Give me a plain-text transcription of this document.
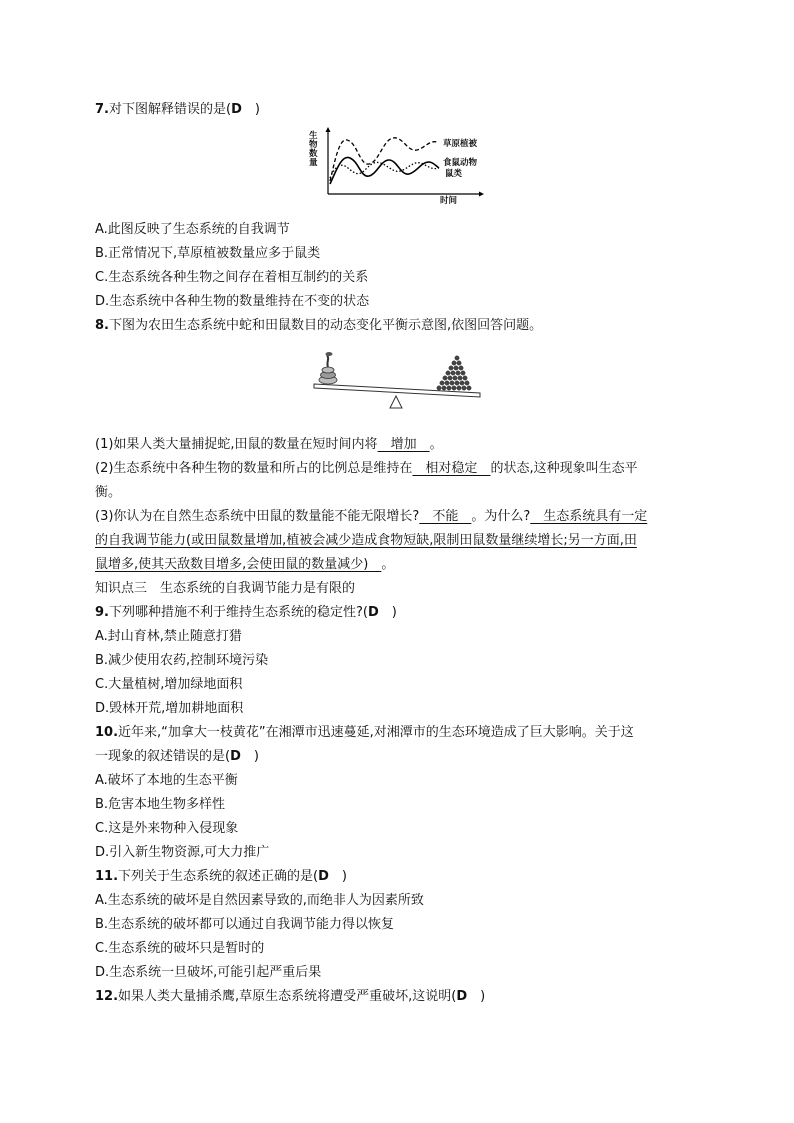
7.对下图解释错误的是(D　)
生物数量
时间
草原植被
食鼠动物
鼠类
A.此图反映了生态系统的自我调节
B.正常情况下,草原植被数量应多于鼠类
C.生态系统各种生物之间存在着相互制约的关系
D.生态系统中各种生物的数量维持在不变的状态
8.下图为农田生态系统中蛇和田鼠数目的动态变化平衡示意图,依图回答问题。
(1)如果人类大量捕捉蛇,田鼠的数量在短时间内将　增加　。
(2)生态系统中各种生物的数量和所占的比例总是维持在　相对稳定　的状态,这种现象叫生态平
衡。
(3)你认为在自然生态系统中田鼠的数量能不能无限增长?　不能　。为什么?　生态系统具有一定
的自我调节能力(或田鼠数量增加,植被会减少造成食物短缺,限制田鼠数量继续增长;另一方面,田
鼠增多,使其天敌数目增多,会使田鼠的数量减少)　。
知识点三　生态系统的自我调节能力是有限的
9.下列哪种措施不利于维持生态系统的稳定性?(D　)
A.封山育林,禁止随意打猎
B.减少使用农药,控制环境污染
C.大量植树,增加绿地面积
D.毁林开荒,增加耕地面积
10.近年来,“加拿大一枝黄花”在湘潭市迅速蔓延,对湘潭市的生态环境造成了巨大影响。关于这
一现象的叙述错误的是(D　)
A.破坏了本地的生态平衡
B.危害本地生物多样性
C.这是外来物种入侵现象
D.引入新生物资源,可大力推广
11.下列关于生态系统的叙述正确的是(D　)
A.生态系统的破坏是自然因素导致的,而绝非人为因素所致
B.生态系统的破坏都可以通过自我调节能力得以恢复
C.生态系统的破坏只是暂时的
D.生态系统一旦破坏,可能引起严重后果
12.如果人类大量捕杀鹰,草原生态系统将遭受严重破坏,这说明(D　)
